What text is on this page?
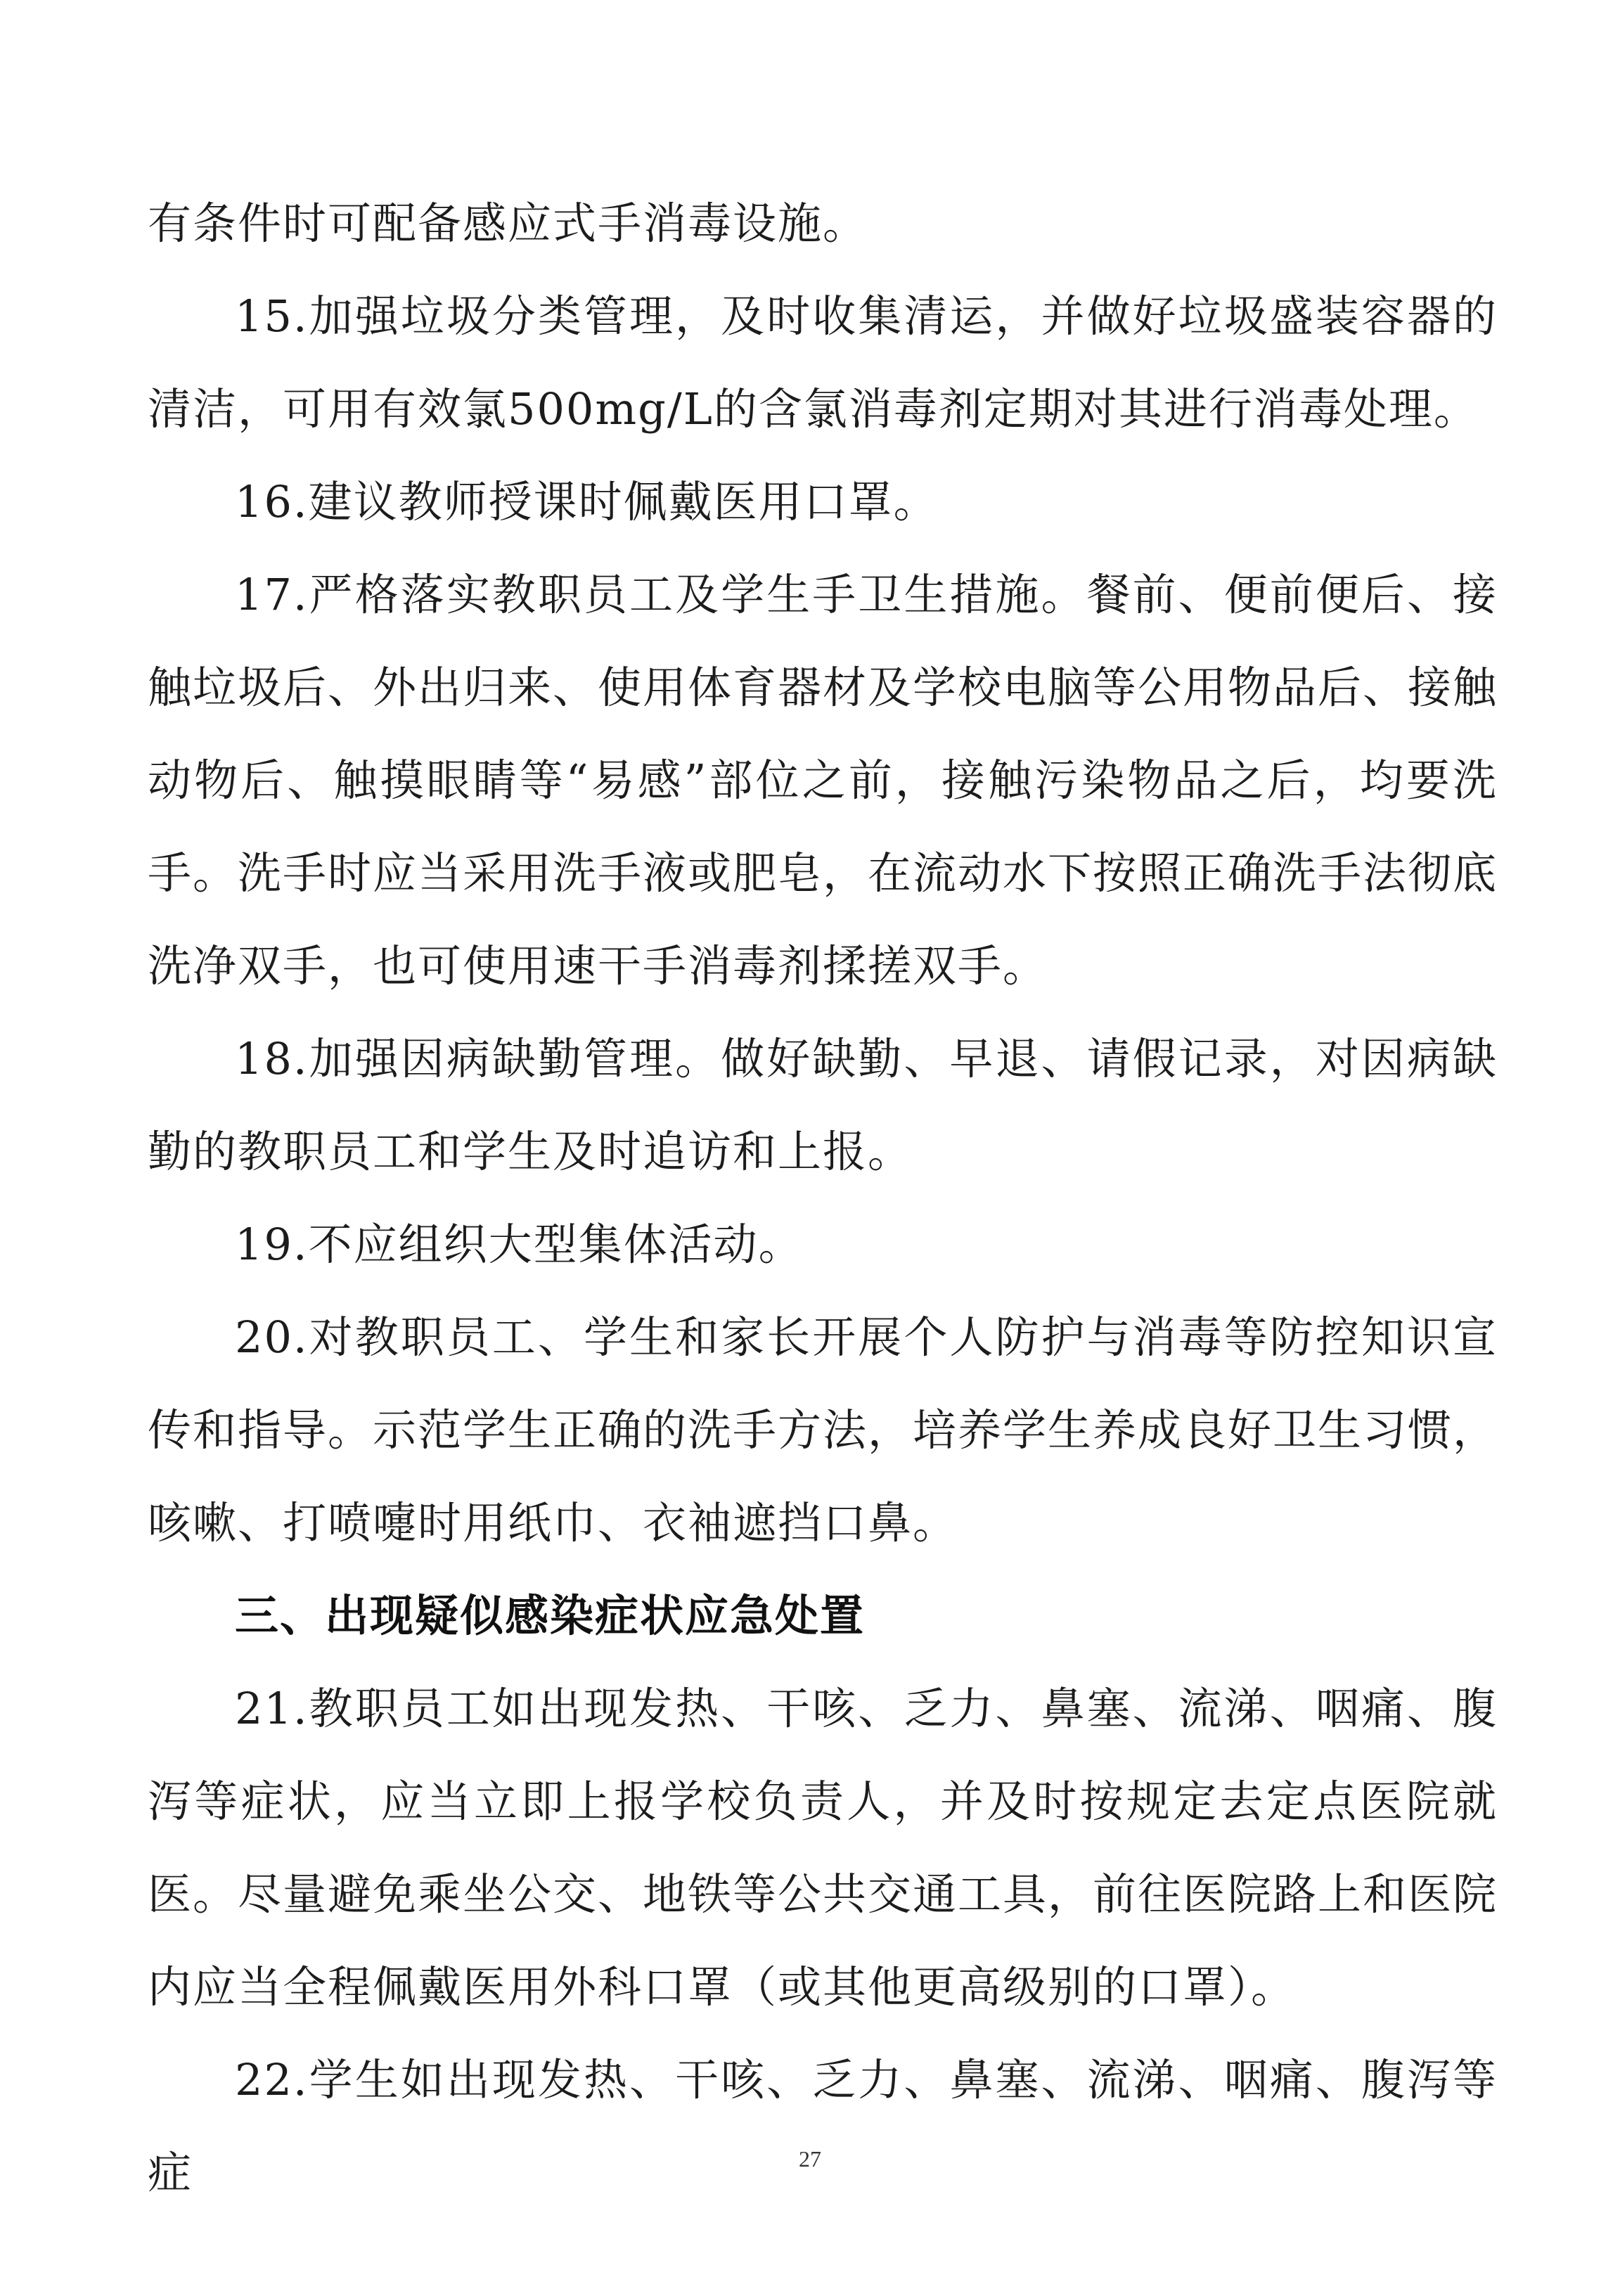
有条件时可配备感应式手消毒设施。

15.加强垃圾分类管理，及时收集清运，并做好垃圾盛装容器的清洁，可用有效氯500mg/L的含氯消毒剂定期对其进行消毒处理。

16.建议教师授课时佩戴医用口罩。

17.严格落实教职员工及学生手卫生措施。餐前、便前便后、接触垃圾后、外出归来、使用体育器材及学校电脑等公用物品后、接触动物后、触摸眼睛等“易感”部位之前，接触污染物品之后，均要洗手。洗手时应当采用洗手液或肥皂，在流动水下按照正确洗手法彻底洗净双手，也可使用速干手消毒剂揉搓双手。

18.加强因病缺勤管理。做好缺勤、早退、请假记录，对因病缺勤的教职员工和学生及时追访和上报。

19.不应组织大型集体活动。

20.对教职员工、学生和家长开展个人防护与消毒等防控知识宣传和指导。示范学生正确的洗手方法，培养学生养成良好卫生习惯，咳嗽、打喷嚏时用纸巾、衣袖遮挡口鼻。

三、出现疑似感染症状应急处置

21.教职员工如出现发热、干咳、乏力、鼻塞、流涕、咽痛、腹泻等症状，应当立即上报学校负责人，并及时按规定去定点医院就医。尽量避免乘坐公交、地铁等公共交通工具，前往医院路上和医院内应当全程佩戴医用外科口罩（或其他更高级别的口罩）。

22.学生如出现发热、干咳、乏力、鼻塞、流涕、咽痛、腹泻等症	27
